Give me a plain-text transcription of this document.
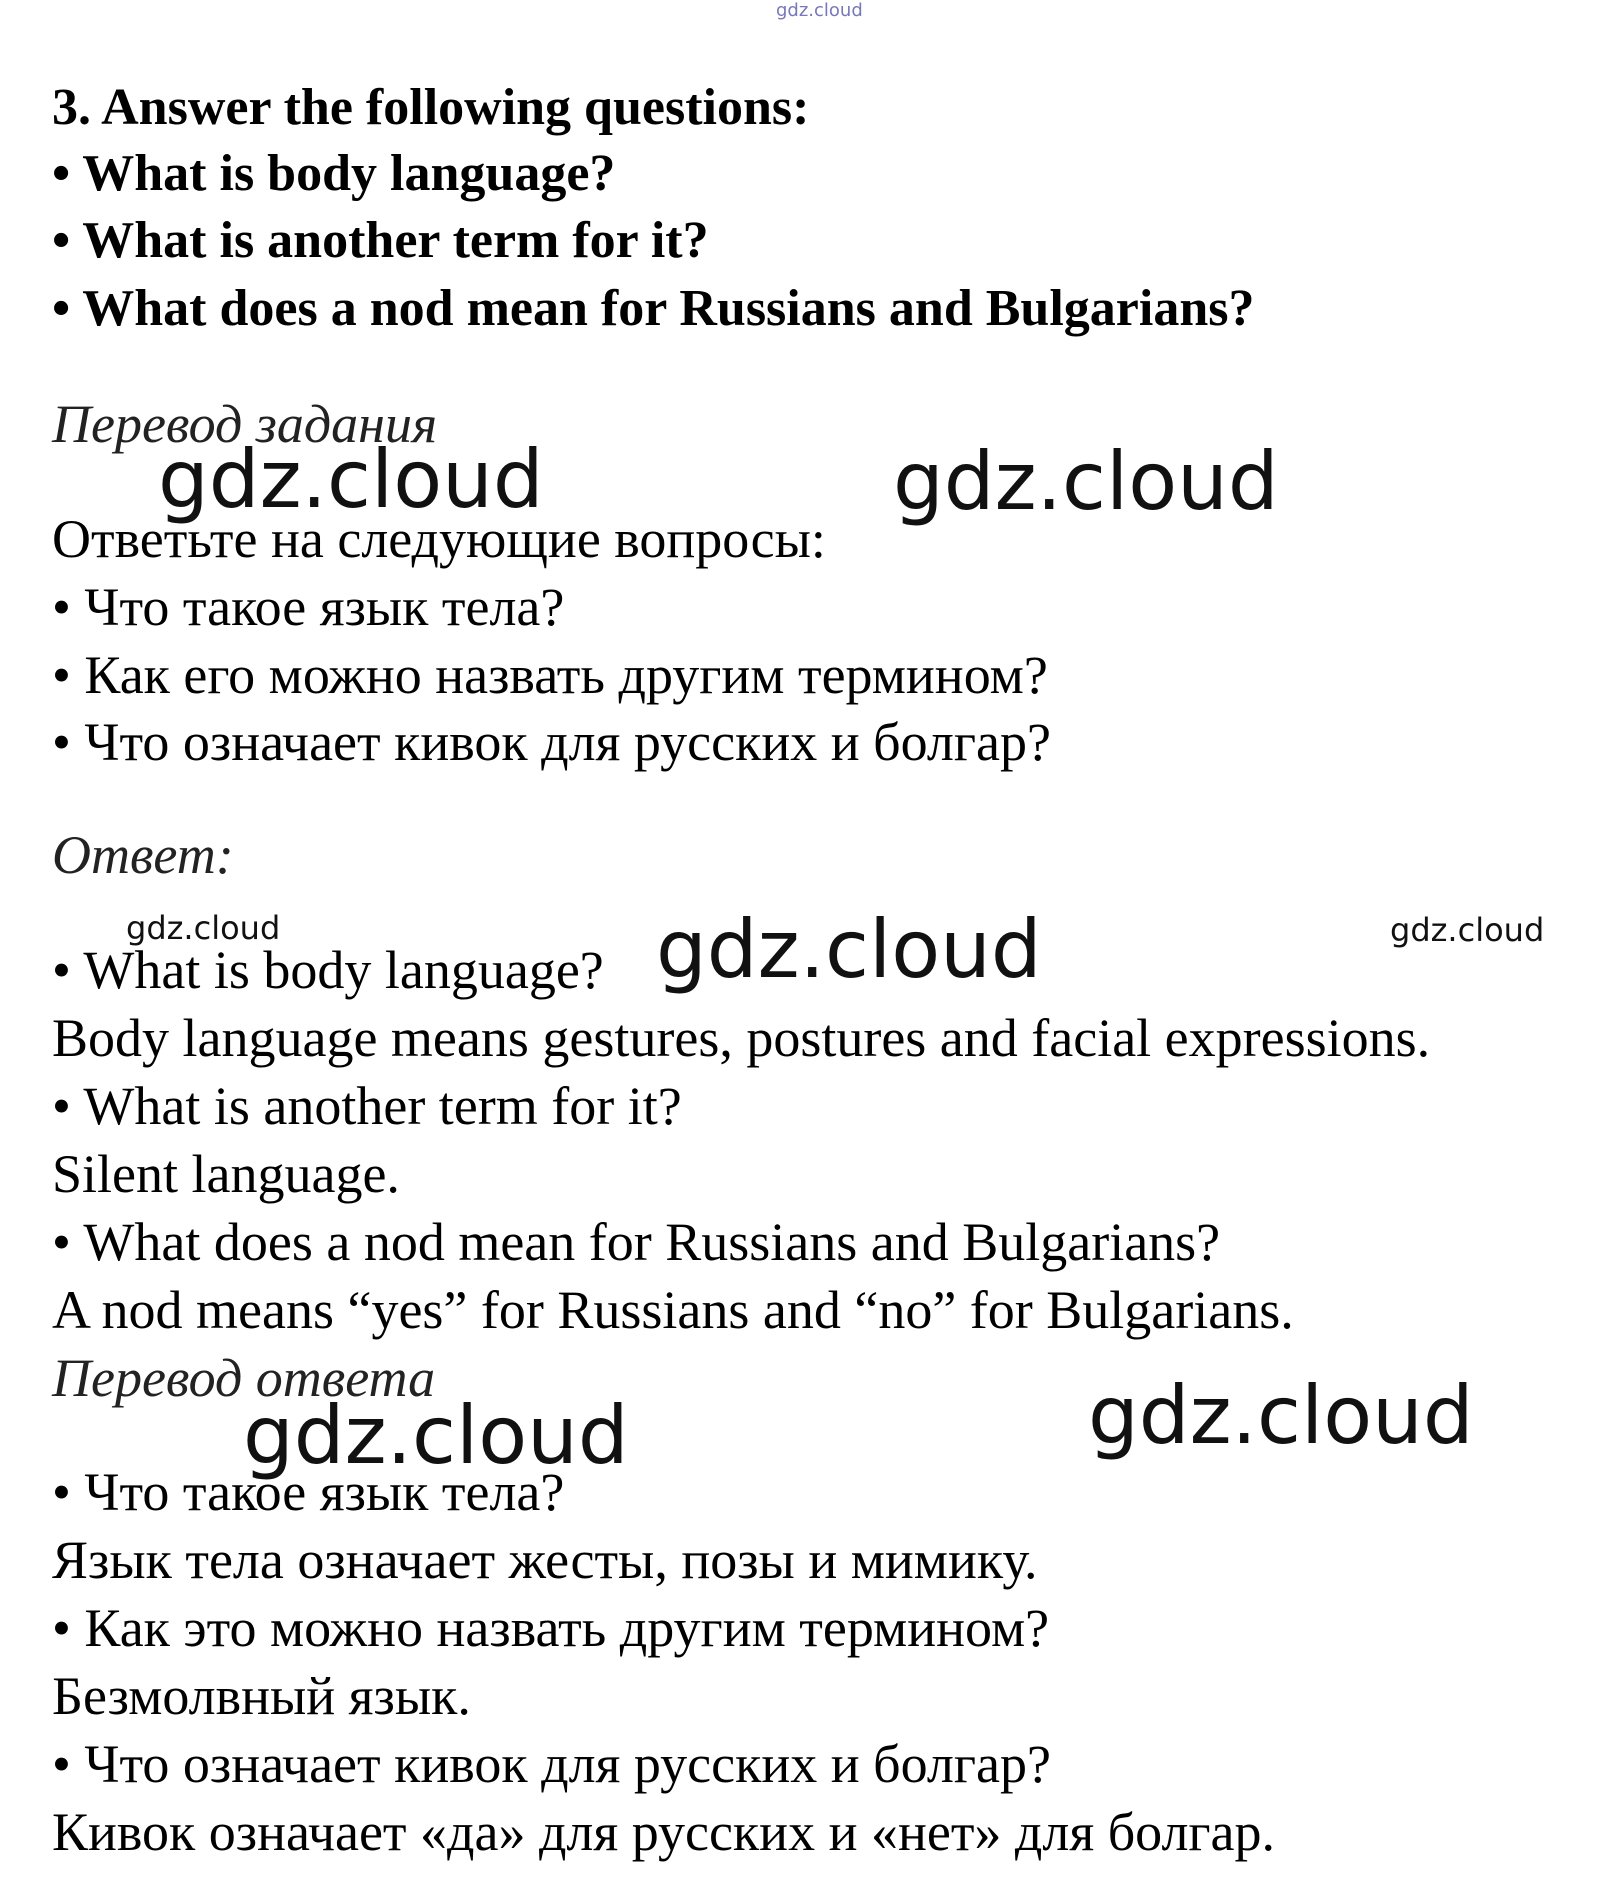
gdz.cloud
3. Answer the following questions:
• What is body language?
• What is another term for it?
• What does a nod mean for Russians and Bulgarians?
Перевод задания
Ответьте на следующие вопросы:
• Что такое язык тела?
• Как его можно назвать другим термином?
• Что означает кивок для русских и болгар?
Ответ:
• What is body language?
Body language means gestures, postures and facial expressions.
• What is another term for it?
Silent language.
• What does a nod mean for Russians and Bulgarians?
A nod means “yes” for Russians and “no” for Bulgarians.
Перевод ответа
• Что такое язык тела?
Язык тела означает жесты, позы и мимику.
• Как это можно назвать другим термином?
Безмолвный язык.
• Что означает кивок для русских и болгар?
Кивок означает «да» для русских и «нет» для болгар.
gdz.cloud	gdz.cloud
gdz.cloud	gdz.cloud	gdz.cloud
gdz.cloud	gdz.cloud
